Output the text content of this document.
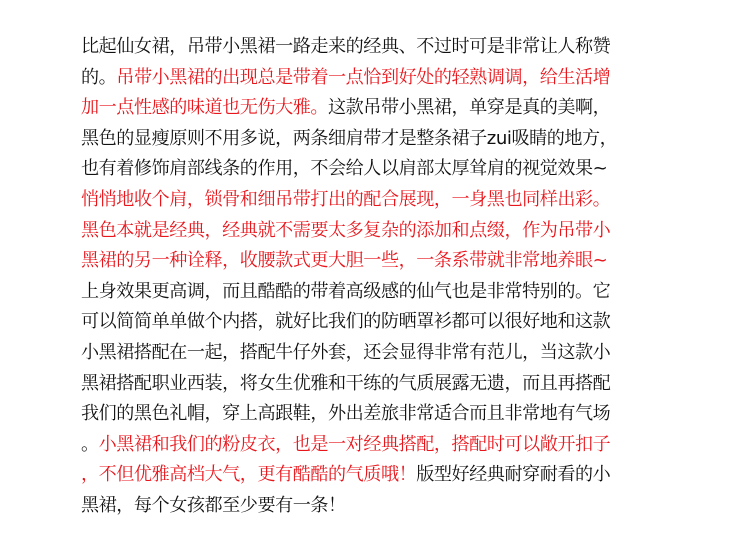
比起仙女裙，吊带小黑裙一路走来的经典、不过时可是非常让人称赞
的。吊带小黑裙的出现总是带着一点恰到好处的轻熟调调，给生活增
加一点性感的味道也无伤大雅。这款吊带小黑裙，单穿是真的美啊，
黑色的显瘦原则不用多说，两条细肩带才是整条裙子zui吸睛的地方，
也有着修饰肩部线条的作用，不会给人以肩部太厚耸肩的视觉效果~
悄悄地收个肩，锁骨和细吊带打出的配合展现，一身黑也同样出彩。
黑色本就是经典，经典就不需要太多复杂的添加和点缀，作为吊带小
黑裙的另一种诠释，收腰款式更大胆一些，一条系带就非常地养眼~
上身效果更高调，而且酷酷的带着高级感的仙气也是非常特别的。它
可以简简单单做个内搭，就好比我们的防晒罩衫都可以很好地和这款
小黑裙搭配在一起，搭配牛仔外套，还会显得非常有范儿，当这款小
黑裙搭配职业西装，将女生优雅和干练的气质展露无遗，而且再搭配
我们的黑色礼帽，穿上高跟鞋，外出差旅非常适合而且非常地有气场
。小黑裙和我们的粉皮衣，也是一对经典搭配，搭配时可以敞开扣子
，不但优雅高档大气，更有酷酷的气质哦！版型好经典耐穿耐看的小
黑裙，每个女孩都至少要有一条！
